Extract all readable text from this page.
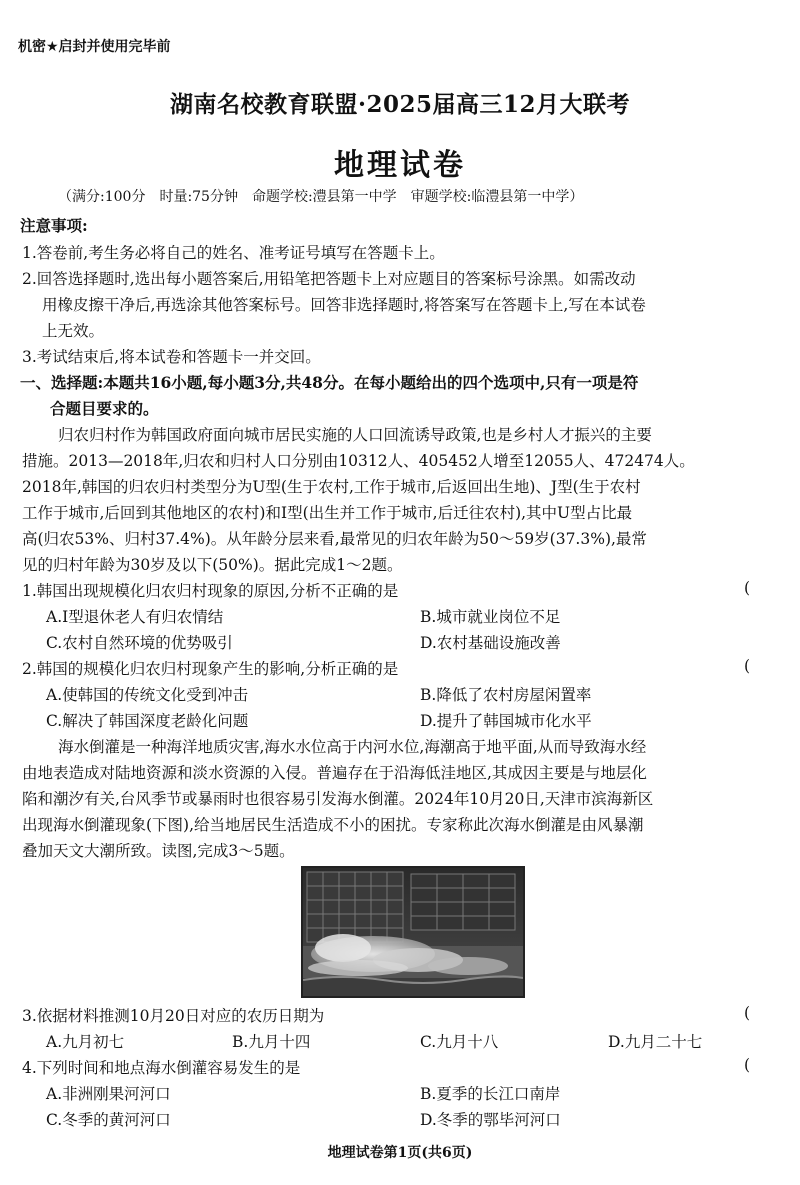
机密★启封并使用完毕前
湖南名校教育联盟·2025届高三12月大联考
地理试卷
（满分:100分　时量:75分钟　命题学校:澧县第一中学　审题学校:临澧县第一中学）
注意事项:
1.答卷前,考生务必将自己的姓名、准考证号填写在答题卡上。
2.回答选择题时,选出每小题答案后,用铅笔把答题卡上对应题目的答案标号涂黑。如需改动
用橡皮擦干净后,再选涂其他答案标号。回答非选择题时,将答案写在答题卡上,写在本试卷
上无效。
3.考试结束后,将本试卷和答题卡一并交回。
一、选择题:本题共16小题,每小题3分,共48分。在每小题给出的四个选项中,只有一项是符
合题目要求的。
归农归村作为韩国政府面向城市居民实施的人口回流诱导政策,也是乡村人才振兴的主要
措施。2013—2018年,归农和归村人口分别由10312人、405452人增至12055人、472474人。
2018年,韩国的归农归村类型分为U型(生于农村,工作于城市,后返回出生地)、J型(生于农村
工作于城市,后回到其他地区的农村)和I型(出生并工作于城市,后迁往农村),其中U型占比最
高(归农53%、归村37.4%)。从年龄分层来看,最常见的归农年龄为50～59岁(37.3%),最常
见的归村年龄为30岁及以下(50%)。据此完成1～2题。
1.韩国出现规模化归农归村现象的原因,分析不正确的是	(
A.I型退休老人有归农情结	B.城市就业岗位不足
C.农村自然环境的优势吸引	D.农村基础设施改善
2.韩国的规模化归农归村现象产生的影响,分析正确的是	(
A.使韩国的传统文化受到冲击	B.降低了农村房屋闲置率
C.解决了韩国深度老龄化问题	D.提升了韩国城市化水平
海水倒灌是一种海洋地质灾害,海水水位高于内河水位,海潮高于地平面,从而导致海水经
由地表造成对陆地资源和淡水资源的入侵。普遍存在于沿海低洼地区,其成因主要是与地层化
陷和潮汐有关,台风季节或暴雨时也很容易引发海水倒灌。2024年10月20日,天津市滨海新区
出现海水倒灌现象(下图),给当地居民生活造成不小的困扰。专家称此次海水倒灌是由风暴潮
叠加天文大潮所致。读图,完成3～5题。
3.依据材料推测10月20日对应的农历日期为	(
A.九月初七	B.九月十四	C.九月十八	D.九月二十七
4.下列时间和地点海水倒灌容易发生的是	(
A.非洲刚果河河口	B.夏季的长江口南岸
C.冬季的黄河河口	D.冬季的鄂毕河河口
地理试卷第1页(共6页)
